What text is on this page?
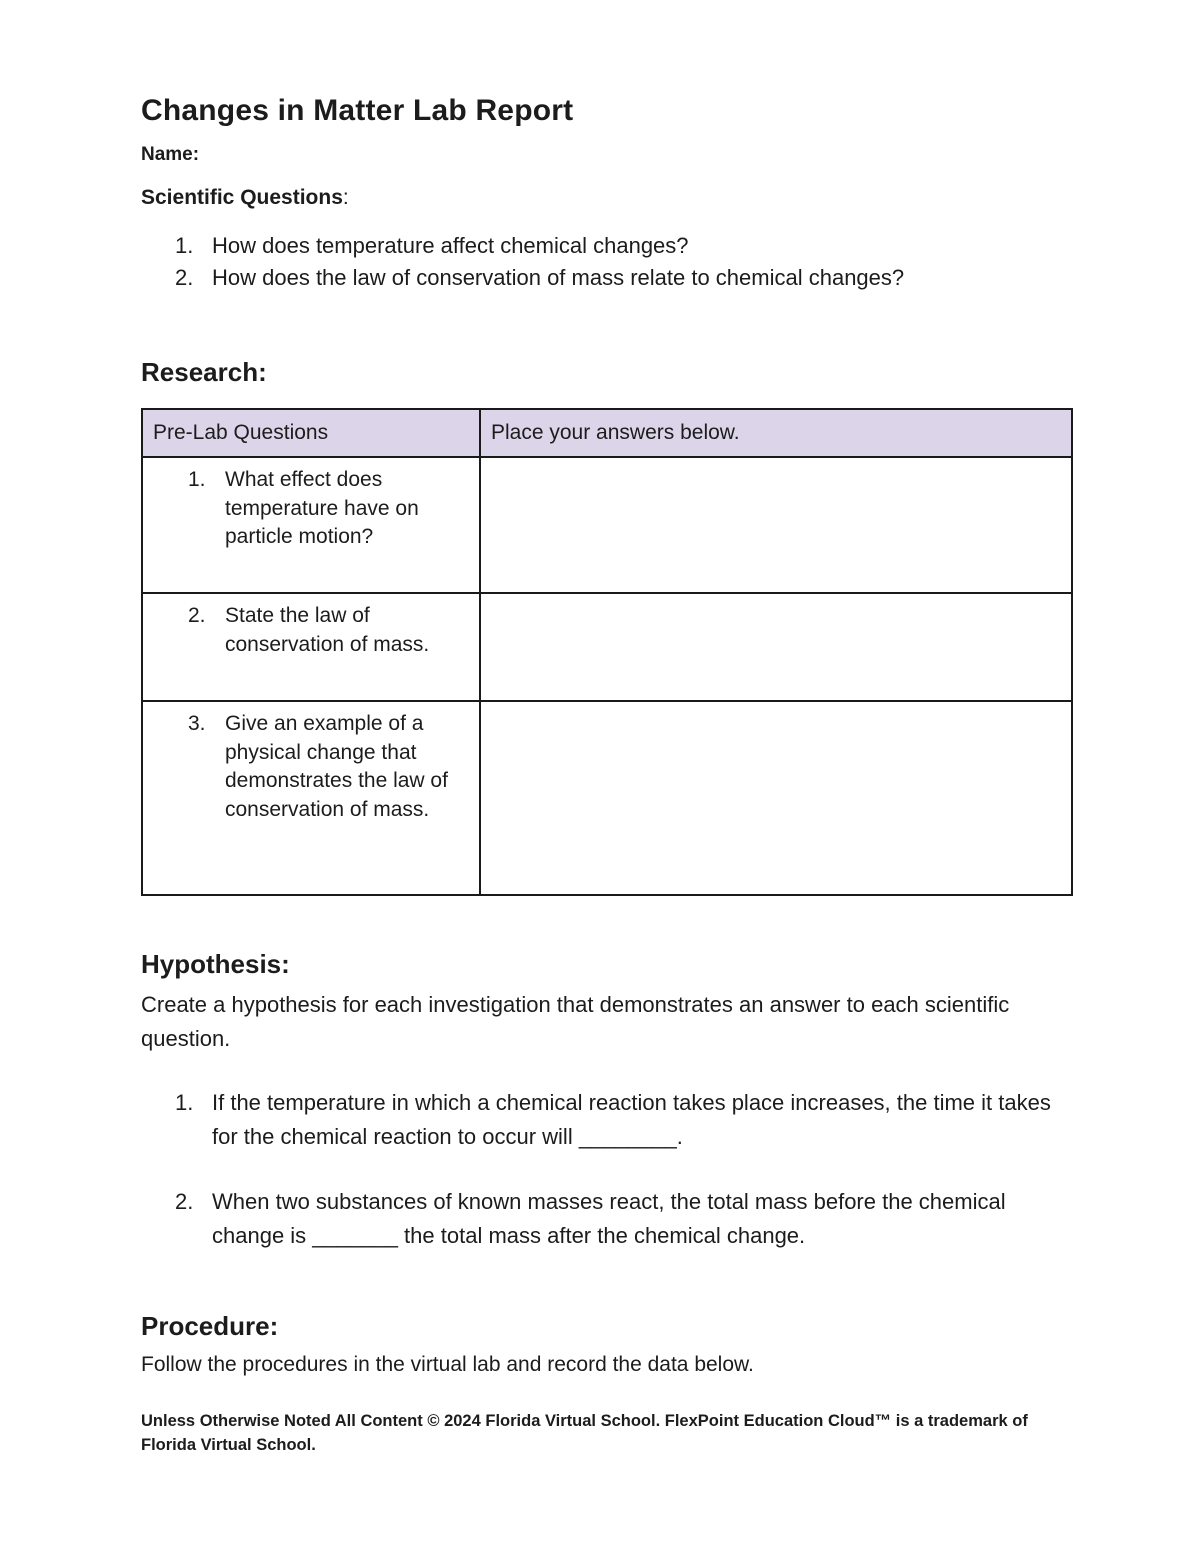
Changes in Matter Lab Report
Name:
Scientific Questions:
1. How does temperature affect chemical changes?
2. How does the law of conservation of mass relate to chemical changes?
Research:
Pre-Lab Questions	Place your answers below.

1. What effect does temperature have on particle motion?	

2. State the law of conservation of mass.	

3. Give an example of a physical change that demonstrates the law of conservation of mass.	
Hypothesis:
Create a hypothesis for each investigation that demonstrates an answer to each scientific question.
1. If the temperature in which a chemical reaction takes place increases, the time it takes for the chemical reaction to occur will ________.
2. When two substances of known masses react, the total mass before the chemical change is _______ the total mass after the chemical change.
Procedure:
Follow the procedures in the virtual lab and record the data below.
Unless Otherwise Noted All Content © 2024 Florida Virtual School. FlexPoint Education Cloud™ is a trademark of Florida Virtual School.
